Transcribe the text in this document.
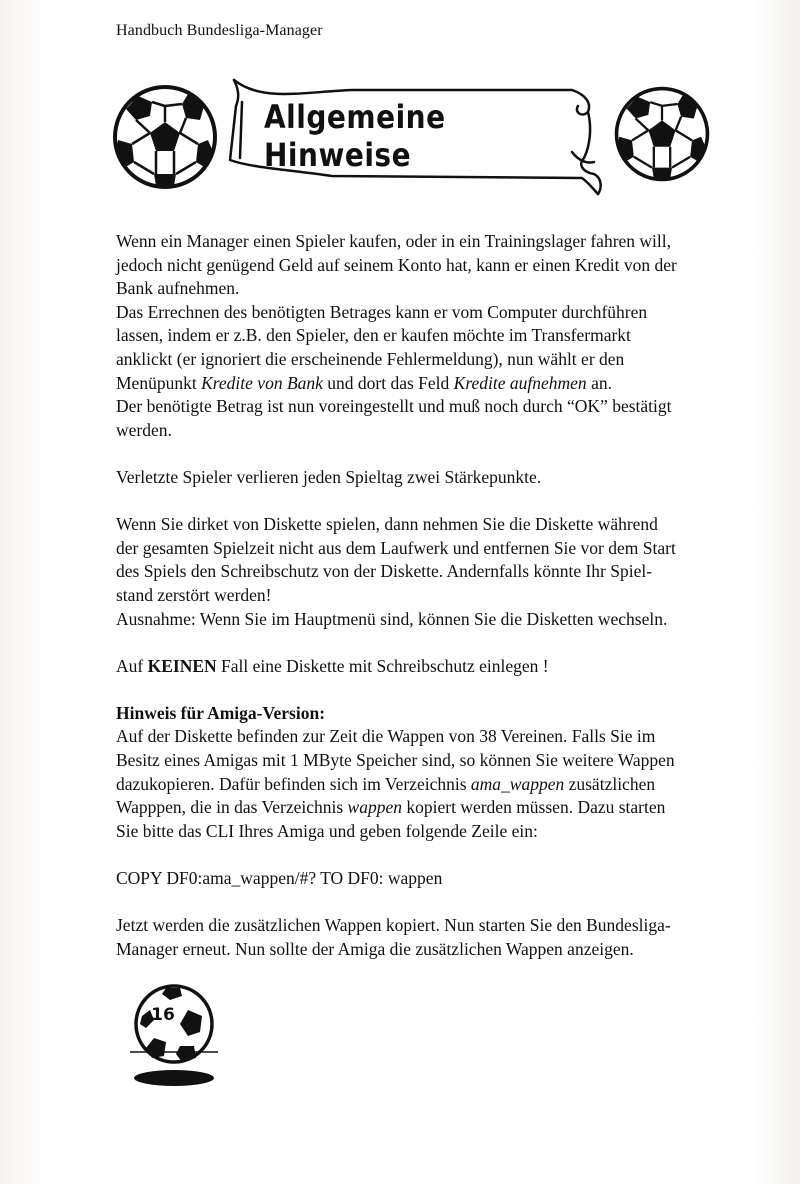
Handbuch Bundesliga-Manager
Allgemeine Hinweise

Wenn ein Manager einen Spieler kaufen, oder in ein Trainingslager fahren will,
jedoch nicht genügend Geld auf seinem Konto hat, kann er einen Kredit von der
Bank aufnehmen.
Das Errechnen des benötigten Betrages kann er vom Computer durchführen
lassen, indem er z.B. den Spieler, den er kaufen möchte im Transfermarkt
anklickt (er ignoriert die erscheinende Fehlermeldung), nun wählt er den
Menüpunkt Kredite von Bank und dort das Feld Kredite aufnehmen an.
Der benötigte Betrag ist nun voreingestellt und muß noch durch “OK” bestätigt
werden.

Verletzte Spieler verlieren jeden Spieltag zwei Stärkepunkte.

Wenn Sie dirket von Diskette spielen, dann nehmen Sie die Diskette während
der gesamten Spielzeit nicht aus dem Laufwerk und entfernen Sie vor dem Start
des Spiels den Schreibschutz von der Diskette. Andernfalls könnte Ihr Spiel-
stand zerstört werden!
Ausnahme: Wenn Sie im Hauptmenü sind, können Sie die Disketten wechseln.

Auf KEINEN Fall eine Diskette mit Schreibschutz einlegen !

Hinweis für Amiga-Version:
Auf der Diskette befinden zur Zeit die Wappen von 38 Vereinen. Falls Sie im
Besitz eines Amigas mit 1 MByte Speicher sind, so können Sie weitere Wappen
dazukopieren. Dafür befinden sich im Verzeichnis ama_wappen zusätzlichen
Wapppen, die in das Verzeichnis wappen kopiert werden müssen. Dazu starten
Sie bitte das CLI Ihres Amiga und geben folgende Zeile ein:

COPY DF0:ama_wappen/#? TO DF0: wappen

Jetzt werden die zusätzlichen Wappen kopiert. Nun starten Sie den Bundesliga-
Manager erneut. Nun sollte der Amiga die zusätzlichen Wappen anzeigen.

16
